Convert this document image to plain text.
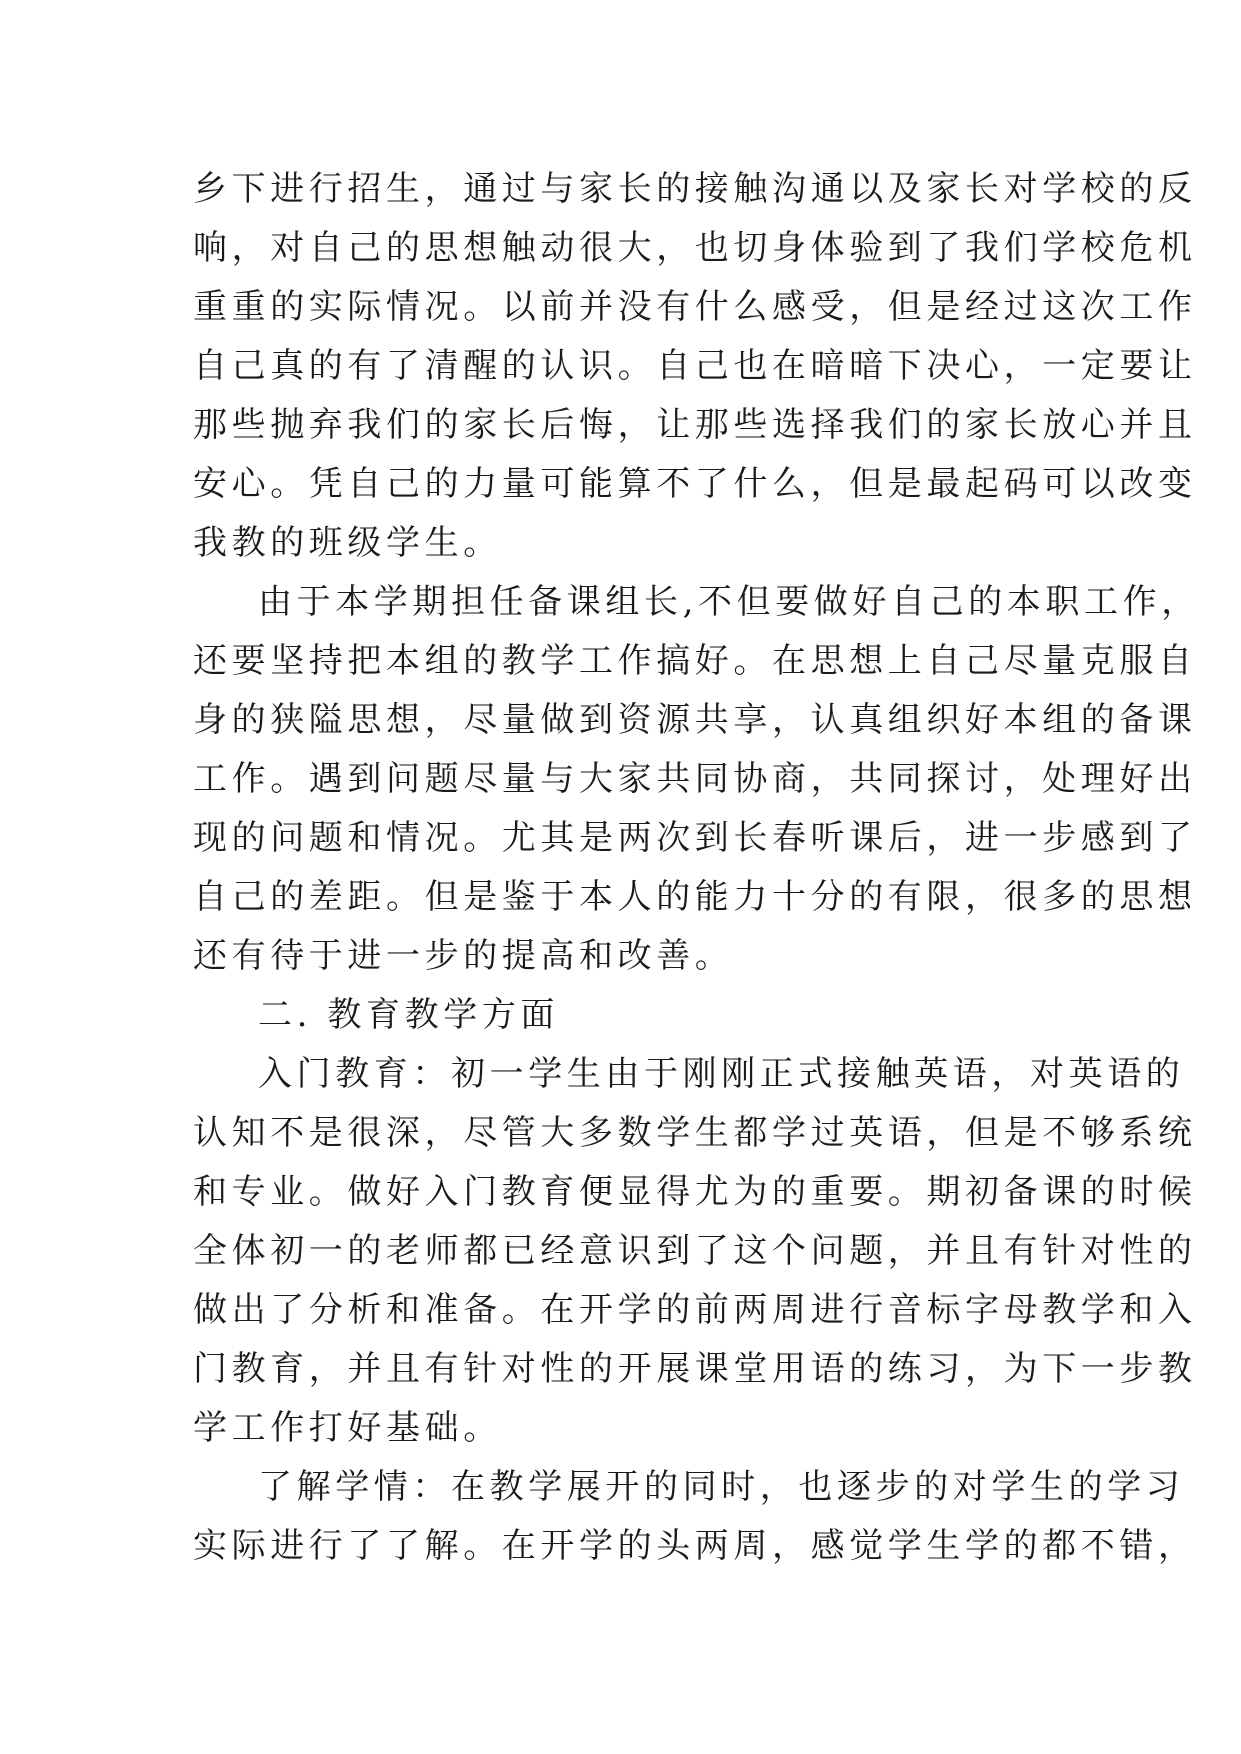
乡下进行招生，通过与家长的接触沟通以及家长对学校的反
响，对自己的思想触动很大，也切身体验到了我们学校危机
重重的实际情况。以前并没有什么感受，但是经过这次工作
自己真的有了清醒的认识。自己也在暗暗下决心，一定要让
那些抛弃我们的家长后悔，让那些选择我们的家长放心并且
安心。凭自己的力量可能算不了什么，但是最起码可以改变
我教的班级学生。
由于本学期担任备课组长,不但要做好自己的本职工作，
还要坚持把本组的教学工作搞好。在思想上自己尽量克服自
身的狭隘思想，尽量做到资源共享，认真组织好本组的备课
工作。遇到问题尽量与大家共同协商，共同探讨，处理好出
现的问题和情况。尤其是两次到长春听课后，进一步感到了
自己的差距。但是鉴于本人的能力十分的有限，很多的思想
还有待于进一步的提高和改善。
二. 教育教学方面
入门教育：初一学生由于刚刚正式接触英语，对英语的
认知不是很深，尽管大多数学生都学过英语，但是不够系统
和专业。做好入门教育便显得尤为的重要。期初备课的时候
全体初一的老师都已经意识到了这个问题，并且有针对性的
做出了分析和准备。在开学的前两周进行音标字母教学和入
门教育，并且有针对性的开展课堂用语的练习，为下一步教
学工作打好基础。
了解学情：在教学展开的同时，也逐步的对学生的学习
实际进行了了解。在开学的头两周，感觉学生学的都不错，
